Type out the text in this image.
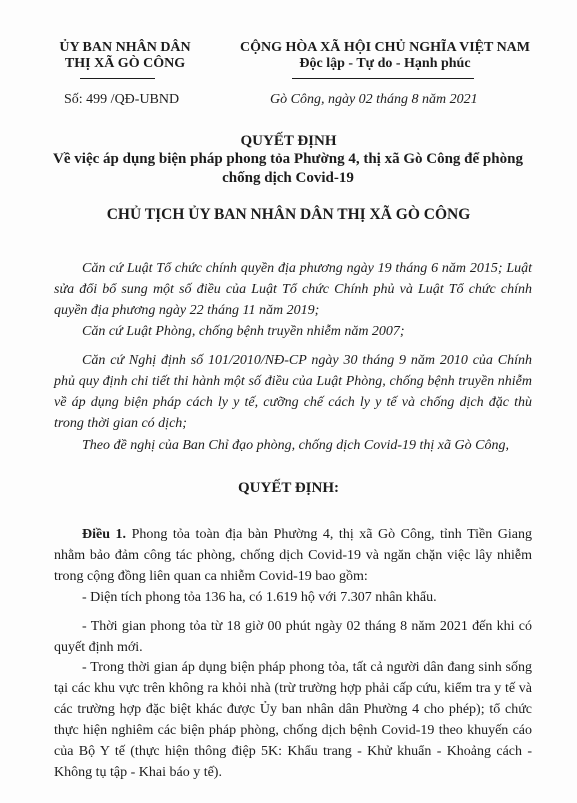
ỦY BAN NHÂN DÂN
THỊ XÃ GÒ CÔNG
CỘNG HÒA XÃ HỘI CHỦ NGHĨA VIỆT NAM
Độc lập - Tự do - Hạnh phúc
Số: 499 /QĐ-UBND	Gò Công, ngày 02 tháng 8 năm 2021
QUYẾT ĐỊNH
Về việc áp dụng biện pháp phong tỏa Phường 4, thị xã Gò Công để phòng chống dịch Covid-19
CHỦ TỊCH ỦY BAN NHÂN DÂN THỊ XÃ GÒ CÔNG

Căn cứ Luật Tổ chức chính quyền địa phương ngày 19 tháng 6 năm 2015; Luật sửa đổi bổ sung một số điều của Luật Tổ chức Chính phủ và Luật Tổ chức chính quyền địa phương ngày 22 tháng 11 năm 2019;

Căn cứ Luật Phòng, chống bệnh truyền nhiễm năm 2007;

Căn cứ Nghị định số 101/2010/NĐ-CP ngày 30 tháng 9 năm 2010 của Chính phủ quy định chi tiết thi hành một số điều của Luật Phòng, chống bệnh truyền nhiễm về áp dụng biện pháp cách ly y tế, cưỡng chế cách ly y tế và chống dịch đặc thù trong thời gian có dịch;

Theo đề nghị của Ban Chỉ đạo phòng, chống dịch Covid-19 thị xã Gò Công,

QUYẾT ĐỊNH:

Điều 1. Phong tỏa toàn địa bàn Phường 4, thị xã Gò Công, tỉnh Tiền Giang nhằm bảo đảm công tác phòng, chống dịch Covid-19 và ngăn chặn việc lây nhiễm trong cộng đồng liên quan ca nhiễm Covid-19 bao gồm:

- Diện tích phong tỏa 136 ha, có 1.619 hộ với 7.307 nhân khẩu.

- Thời gian phong tỏa từ 18 giờ 00 phút ngày 02 tháng 8 năm 2021 đến khi có quyết định mới.

- Trong thời gian áp dụng biện pháp phong tỏa, tất cả người dân đang sinh sống tại các khu vực trên không ra khỏi nhà (trừ trường hợp phải cấp cứu, kiểm tra y tế và các trường hợp đặc biệt khác được Ủy ban nhân dân Phường 4 cho phép); tổ chức thực hiện nghiêm các biện pháp phòng, chống dịch bệnh Covid-19 theo khuyến cáo của Bộ Y tế (thực hiện thông điệp 5K: Khẩu trang - Khử khuẩn - Khoảng cách - Không tụ tập - Khai báo y tế).
